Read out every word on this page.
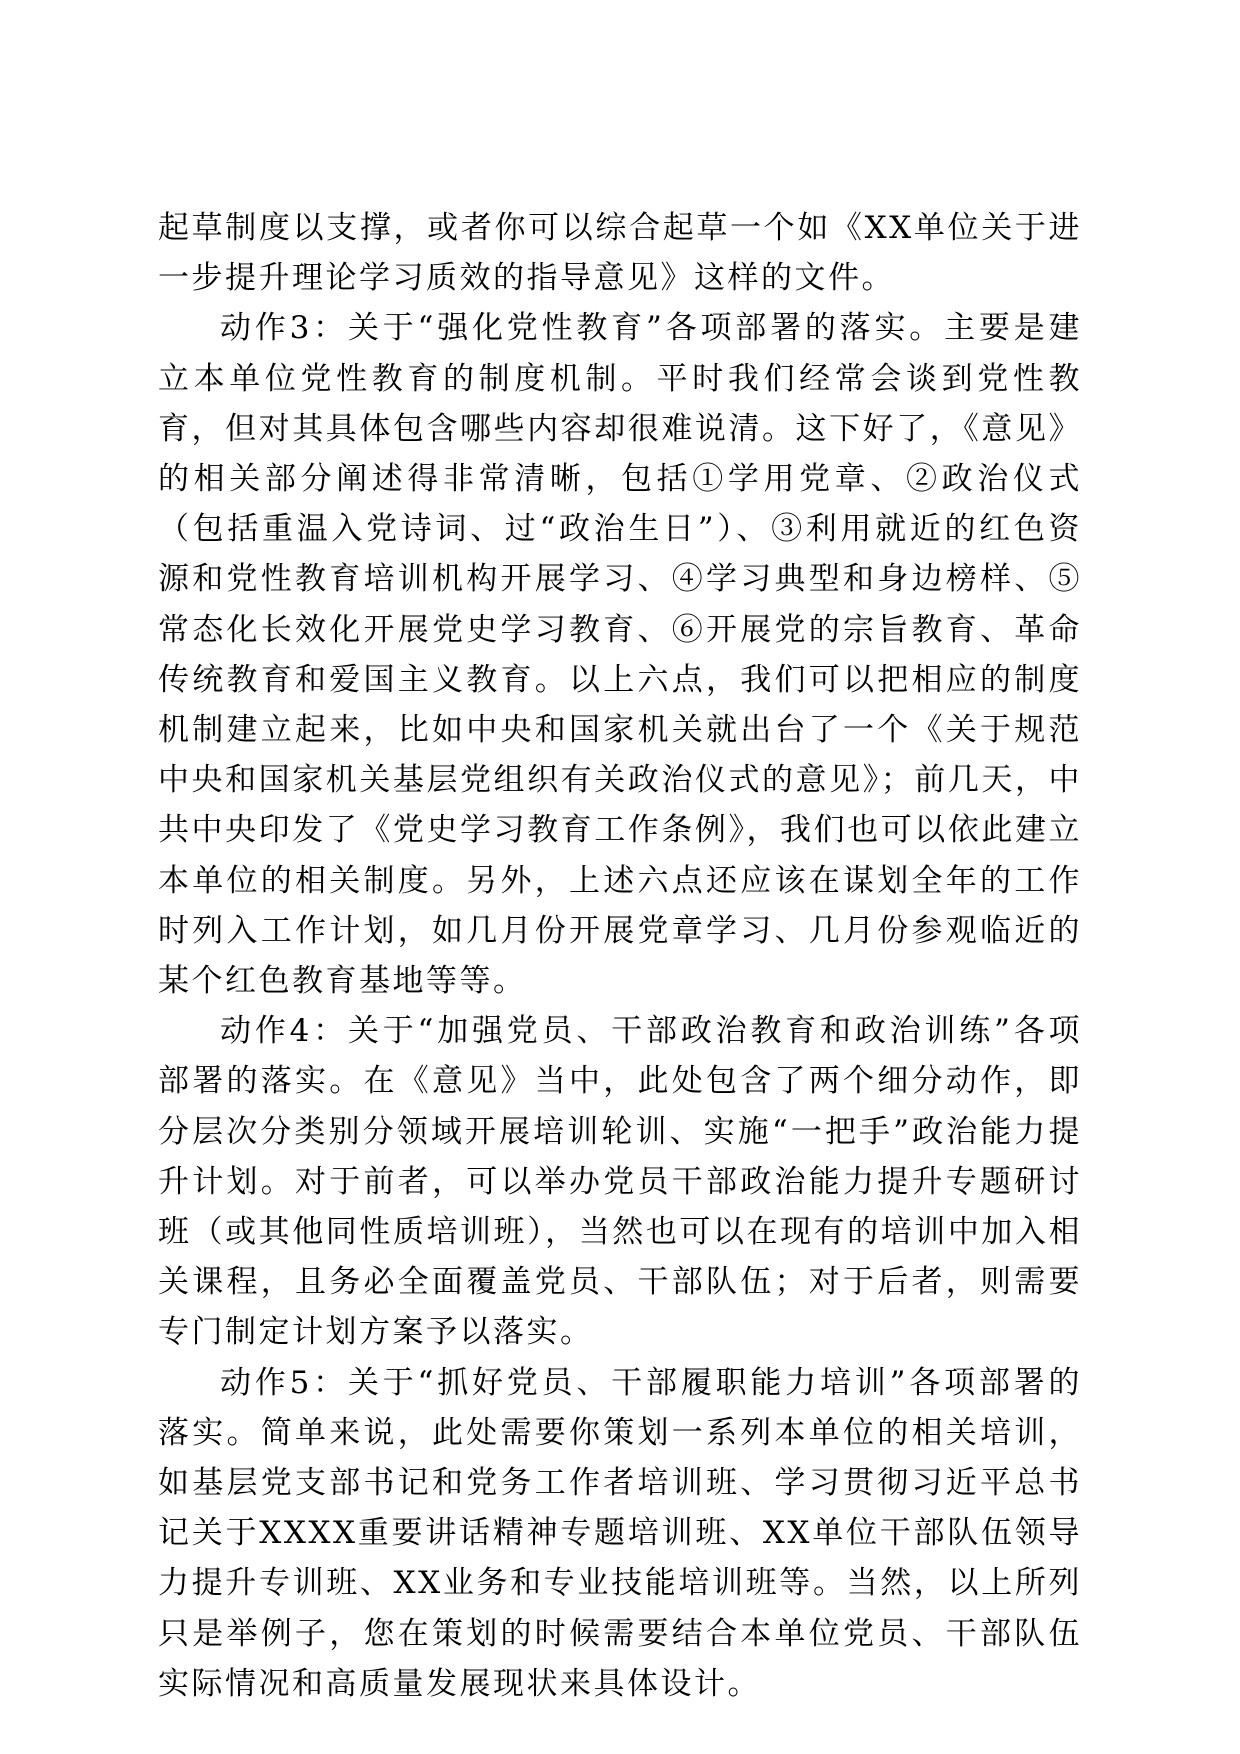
起草制度以支撑，或者你可以综合起草一个如《XX单位关于进一步提升理论学习质效的指导意见》这样的文件。

动作3：关于“强化党性教育”各项部署的落实。主要是建立本单位党性教育的制度机制。平时我们经常会谈到党性教育，但对其具体包含哪些内容却很难说清。这下好了，《意见》的相关部分阐述得非常清晰，包括①学用党章、②政治仪式（包括重温入党诗词、过“政治生日”）、③利用就近的红色资源和党性教育培训机构开展学习、④学习典型和身边榜样、⑤常态化长效化开展党史学习教育、⑥开展党的宗旨教育、革命传统教育和爱国主义教育。以上六点，我们可以把相应的制度机制建立起来，比如中央和国家机关就出台了一个《关于规范中央和国家机关基层党组织有关政治仪式的意见》；前几天，中共中央印发了《党史学习教育工作条例》，我们也可以依此建立本单位的相关制度。另外，上述六点还应该在谋划全年的工作时列入工作计划，如几月份开展党章学习、几月份参观临近的某个红色教育基地等等。

动作4：关于“加强党员、干部政治教育和政治训练”各项部署的落实。在《意见》当中，此处包含了两个细分动作，即分层次分类别分领域开展培训轮训、实施“一把手”政治能力提升计划。对于前者，可以举办党员干部政治能力提升专题研讨班（或其他同性质培训班），当然也可以在现有的培训中加入相关课程，且务必全面覆盖党员、干部队伍；对于后者，则需要专门制定计划方案予以落实。

动作5：关于“抓好党员、干部履职能力培训”各项部署的落实。简单来说，此处需要你策划一系列本单位的相关培训，如基层党支部书记和党务工作者培训班、学习贯彻习近平总书记关于XXXX重要讲话精神专题培训班、XX单位干部队伍领导力提升专训班、XX业务和专业技能培训班等。当然，以上所列只是举例子，您在策划的时候需要结合本单位党员、干部队伍实际情况和高质量发展现状来具体设计。
